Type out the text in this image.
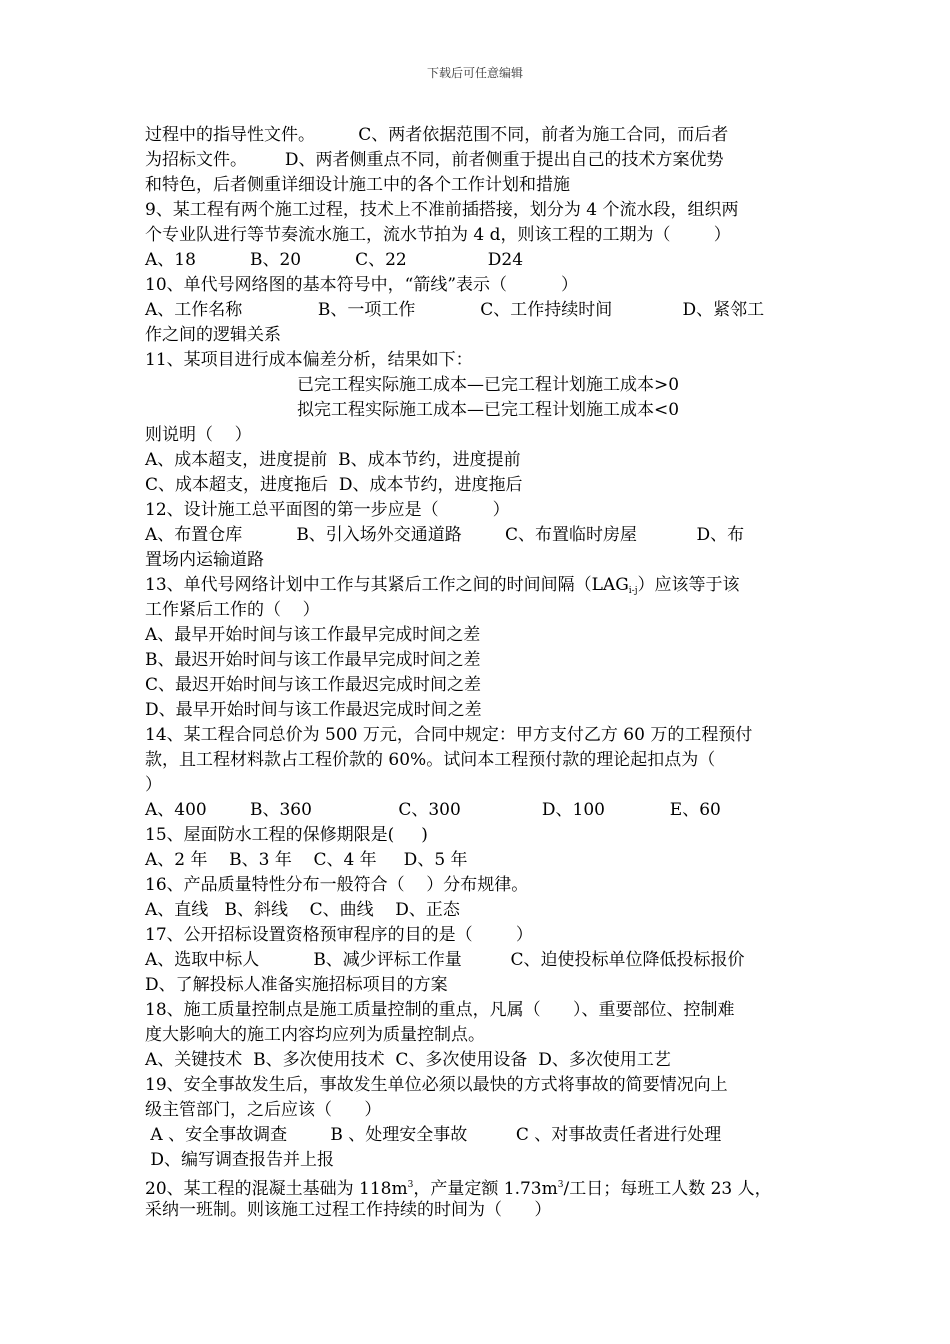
下载后可任意编辑
过程中的指导性文件。        C、两者依据范围不同，前者为施工合同，而后者
为招标文件。       D、两者侧重点不同，前者侧重于提出自己的技术方案优势
和特色，后者侧重详细设计施工中的各个工作计划和措施
9、某工程有两个施工过程，技术上不准前插搭接，划分为 4 个流水段，组织两
个专业队进行等节奏流水施工，流水节拍为 4 d，则该工程的工期为（        ）
A、18          B、20          C、22               D24
10、单代号网络图的基本符号中，“箭线”表示（          ）
A、工作名称              B、一项工作            C、工作持续时间             D、紧邻工
作之间的逻辑关系
11、某项目进行成本偏差分析，结果如下：
已完工程实际施工成本—已完工程计划施工成本>0
拟完工程实际施工成本—已完工程计划施工成本<0
则说明（    ）
A、成本超支，进度提前  B、成本节约，进度提前
C、成本超支，进度拖后  D、成本节约，进度拖后
12、设计施工总平面图的第一步应是（          ）
A、布置仓库          B、引入场外交通道路        C、布置临时房屋           D、布
置场内运输道路
13、单代号网络计划中工作与其紧后工作之间的时间间隔$(LAG_{i-j})$应该等于该
工作紧后工作的（    ）
A、最早开始时间与该工作最早完成时间之差
B、最迟开始时间与该工作最早完成时间之差
C、最迟开始时间与该工作最迟完成时间之差
D、最早开始时间与该工作最迟完成时间之差
14、某工程合同总价为 500 万元，合同中规定：甲方支付乙方 60 万的工程预付
款，且工程材料款占工程价款的 60%。试问本工程预付款的理论起扣点为（
）
A、400        B、360                C、300               D、100            E、60
15、屋面防水工程的保修期限是(     )
A、2 年    B、3 年    C、4 年     D、5 年
16、产品质量特性分布一般符合（    ）分布规律。
A、直线   B、斜线    C、曲线    D、正态
17、公开招标设置资格预审程序的目的是（        ）
A、选取中标人          B、减少评标工作量         C、迫使投标单位降低投标报价
D、了解投标人准备实施招标项目的方案
18、施工质量控制点是施工质量控制的重点，凡属（      ）、重要部位、控制难
度大影响大的施工内容均应列为质量控制点。
A、关键技术  B、多次使用技术  C、多次使用设备  D、多次使用工艺
19、安全事故发生后，事故发生单位必须以最快的方式将事故的简要情况向上
级主管部门，之后应该（      ）
A 、安全事故调查        B 、处理安全事故         C 、对事故责任者进行处理
D、编写调查报告并上报
20、某工程的混凝土基础为 $118m^3$，产量定额 $1.73m^3/$工日；每班工人数 23 人，
采纳一班制。则该施工过程工作持续的时间为（      ）
